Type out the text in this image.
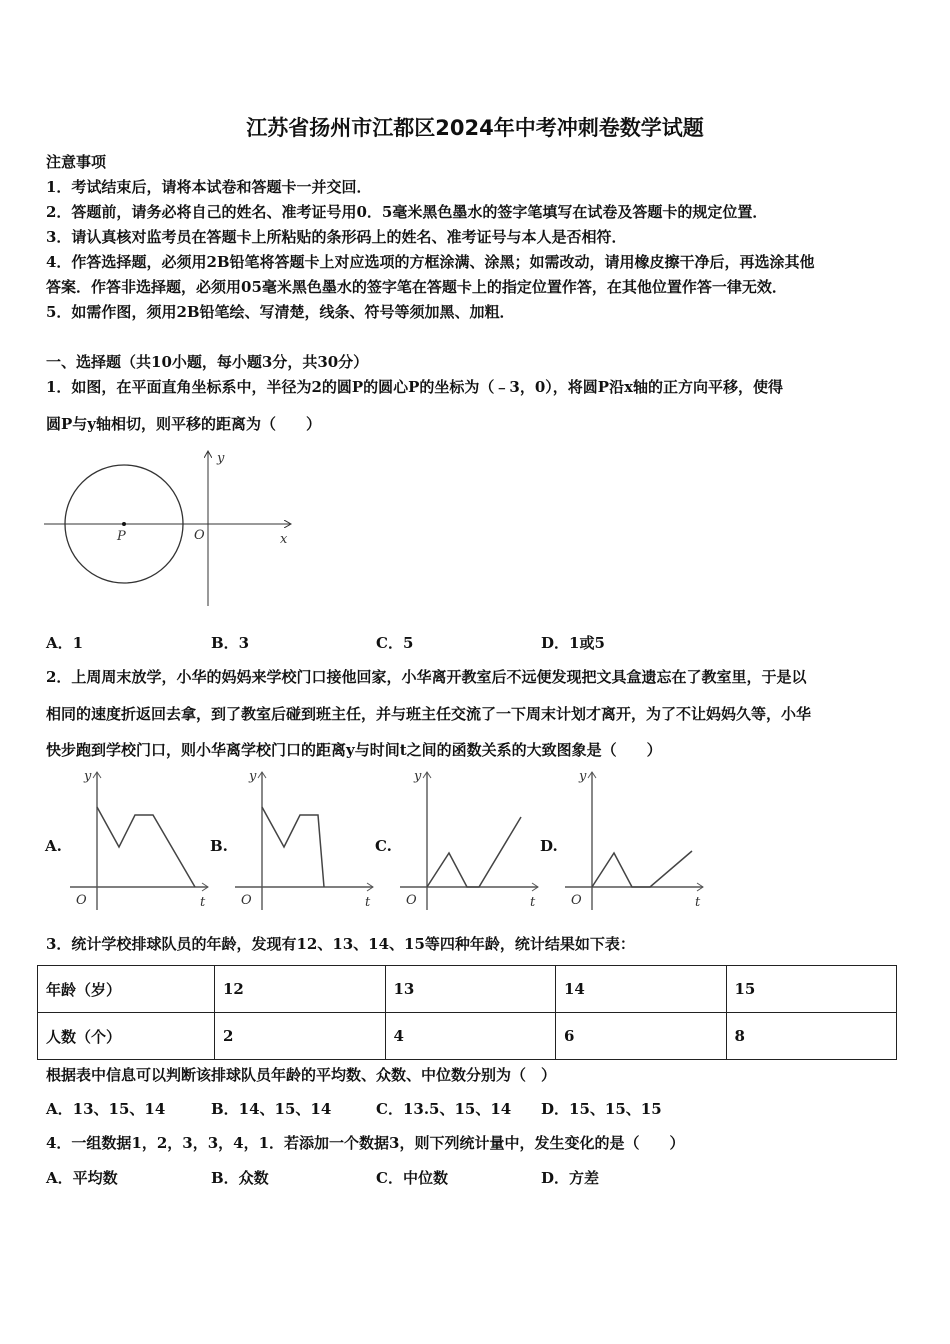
江苏省扬州市江都区2024年中考冲刺卷数学试题
注意事项
1．考试结束后，请将本试卷和答题卡一并交回．
2．答题前，请务必将自己的姓名、准考证号用0．5毫米黑色墨水的签字笔填写在试卷及答题卡的规定位置．
3．请认真核对监考员在答题卡上所粘贴的条形码上的姓名、准考证号与本人是否相符．
4．作答选择题，必须用2B铅笔将答题卡上对应选项的方框涂满、涂黑；如需改动，请用橡皮擦干净后，再选涂其他
答案．作答非选择题，必须用05毫米黑色墨水的签字笔在答题卡上的指定位置作答，在其他位置作答一律无效．
5．如需作图，须用2B铅笔绘、写清楚，线条、符号等须加黑、加粗．
一、选择题（共10小题，每小题3分，共30分）
1．如图，在平面直角坐标系中，半径为2的圆P的圆心P的坐标为（﹣3，0），将圆P沿x轴的正方向平移，使得
圆P与y轴相切，则平移的距离为（　　）
P	O	x
y
A．1	B．3	C．5	D．1或5
2．上周周末放学，小华的妈妈来学校门口接他回家，小华离开教室后不远便发现把文具盒遗忘在了教室里，于是以
相同的速度折返回去拿，到了教室后碰到班主任，并与班主任交流了一下周末计划才离开，为了不让妈妈久等，小华
快步跑到学校门口，则小华离学校门口的距离y与时间t之间的函数关系的大致图象是（　　）
A.
O	t
y
B.
O	t
y
C.
O	t
y
D.
O	t
y
3．统计学校排球队员的年龄，发现有12、13、14、15等四种年龄，统计结果如下表：
年龄（岁）	12	13	14	15
人数（个）	2	4	6	8
根据表中信息可以判断该排球队员年龄的平均数、众数、中位数分别为（　）
A．13、15、14	B．14、15、14	C．13.5、15、14 D．15、15、15
4．一组数据1，2，3，3，4，1．若添加一个数据3，则下列统计量中，发生变化的是（　　）
A．平均数	B．众数	C．中位数	D．方差
